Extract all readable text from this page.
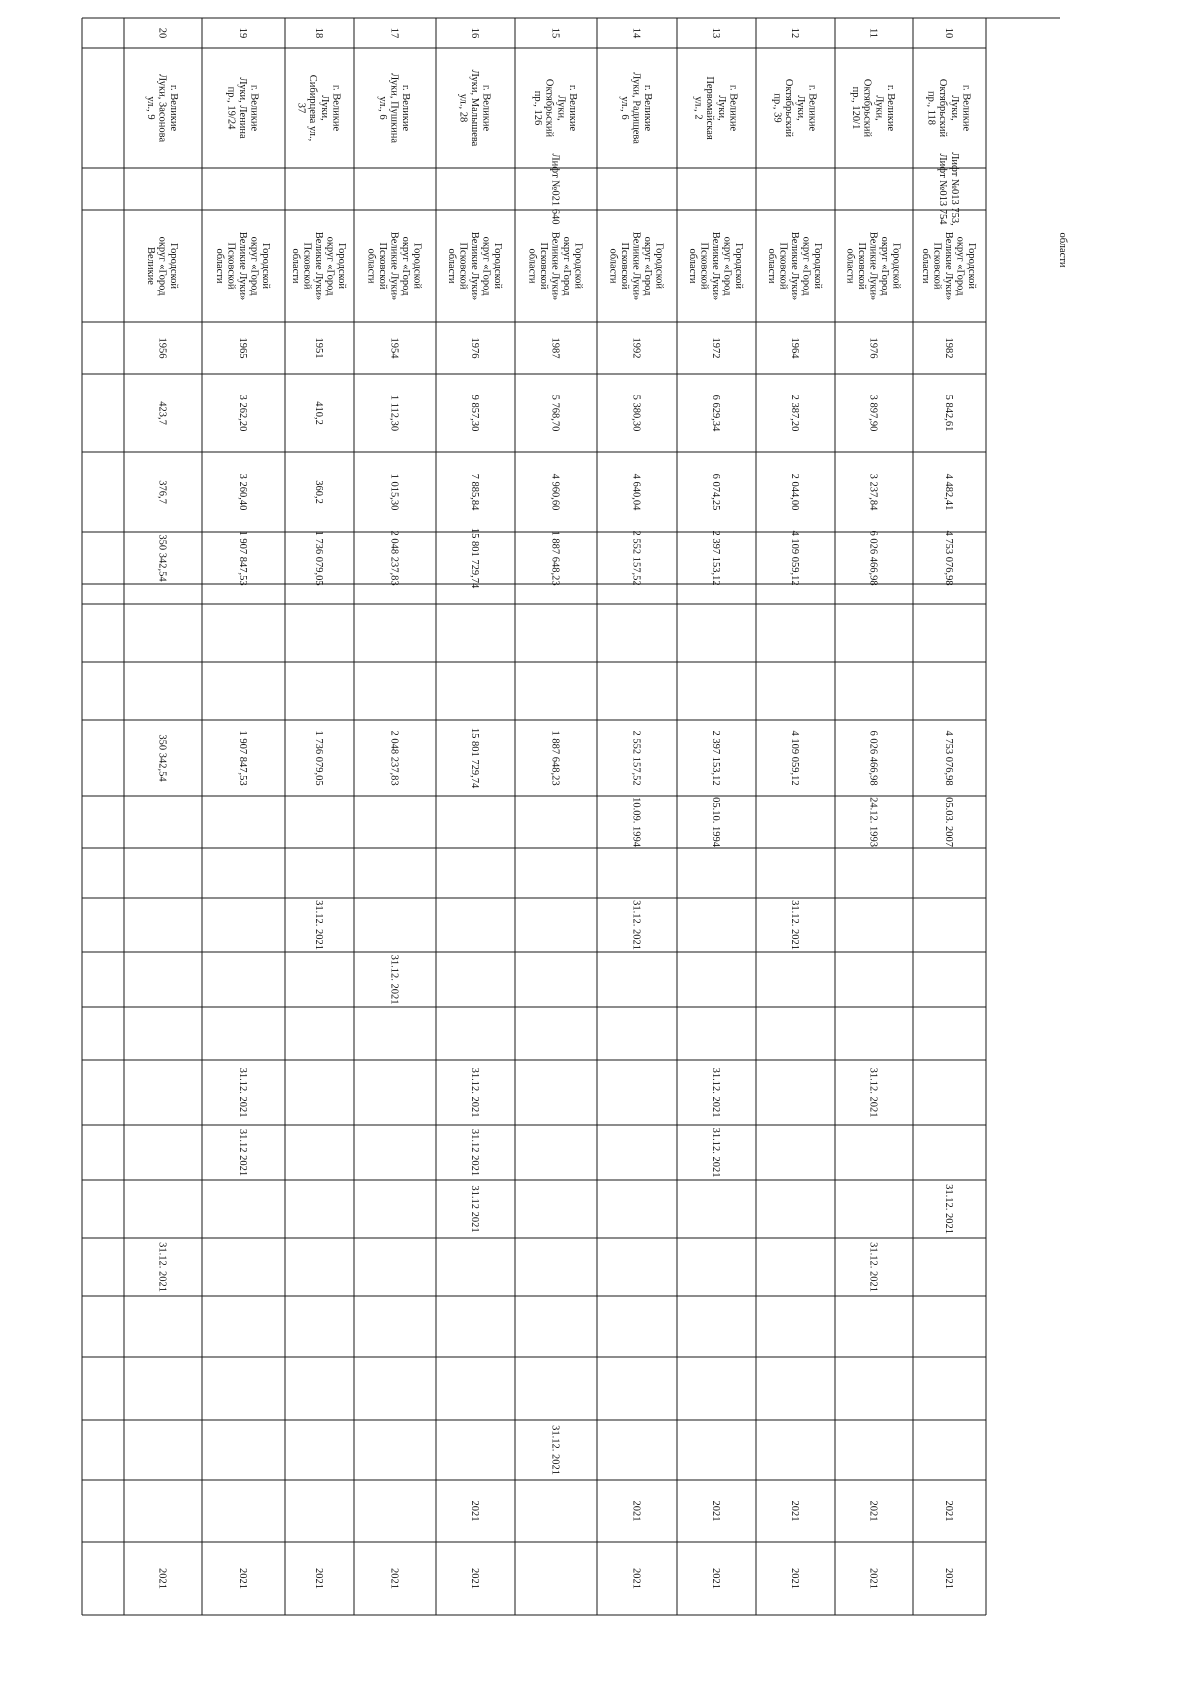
области
10
г. ВеликиеЛуки,Октябрьскийпр., 118
Лифт №013 753,Лифт №013 754
Городскойокруг «ГородВеликие Луки»Псковскойобласти
1982
5 842,61
4 482,41
4 753 076,98
4 753 076,98
05.03. 2007
31.12. 2021
2021
2021
11
г. ВеликиеЛуки,Октябрьскийпр., 120/1
Городскойокруг «ГородВеликие Луки»Псковскойобласти
1976
3 897,90
3 237,84
6 026 466,98
6 026 466,98
24.12. 1993
31.12. 2021
31.12. 2021
2021
2021
12
г. ВеликиеЛуки,Октябрьскийпр., 39
Городскойокруг «ГородВеликие Луки»Псковскойобласти
1964
2 387,20
2 044,00
4 109 059,12
4 109 059,12
31.12. 2021
2021
2021
13
г. ВеликиеЛуки,Первомайскаяул., 2
Городскойокруг «ГородВеликие Луки»Псковскойобласти
1972
6 629,34
6 074,25
2 397 153,12
2 397 153,12
05.10. 1994
31.12. 2021
31.12. 2021
2021
2021
14
г. ВеликиеЛуки, Радищеваул., 6
Городскойокруг «ГородВеликие Луки»Псковскойобласти
1992
5 380,30
4 640,04
2 552 157,52
2 552 157,52
10.09. 1994
31.12. 2021
2021
2021
15
г. ВеликиеЛуки,Октябрьскийпр., 126
Лифт №021 640
Городскойокруг «ГородВеликие Луки»Псковскойобласти
1987
5 768,70
4 960,60
1 887 648,23
1 887 648,23
31.12. 2021
16
г. ВеликиеЛуки, Малышеваул., 28
Городскойокруг «ГородВеликие Луки»Псковскойобласти
1976
9 857,30
7 885,84
15 801 729,74
15 801 729,74
31.12. 2021
31.12 2021
31.12 2021
2021
2021
17
г. ВеликиеЛуки, Пушкинаул., 6
Городскойокруг «ГородВеликие Луки»Псковскойобласти
1954
1 112,30
1 015,30
2 048 237,83
2 048 237,83
31.12. 2021
2021
18
г. ВеликиеЛуки,Сибирцева ул.,37
Городскойокруг «ГородВеликие Луки»Псковскойобласти
1951
410,2
360,2
1 736 079,05
1 736 079,05
31.12. 2021
2021
19
г. ВеликиеЛуки, Ленинапр., 19/24
Городскойокруг «ГородВеликие Луки»Псковскойобласти
1965
3 262,20
3 260,40
1 907 847,53
1 907 847,53
31.12. 2021
31.12 2021
2021
20
г. ВеликиеЛуки, Засоноваул., 9
Городскойокруг «ГородВеликие
1956
423,7
376,7
350 342,54
350 342,54
31.12. 2021
2021
